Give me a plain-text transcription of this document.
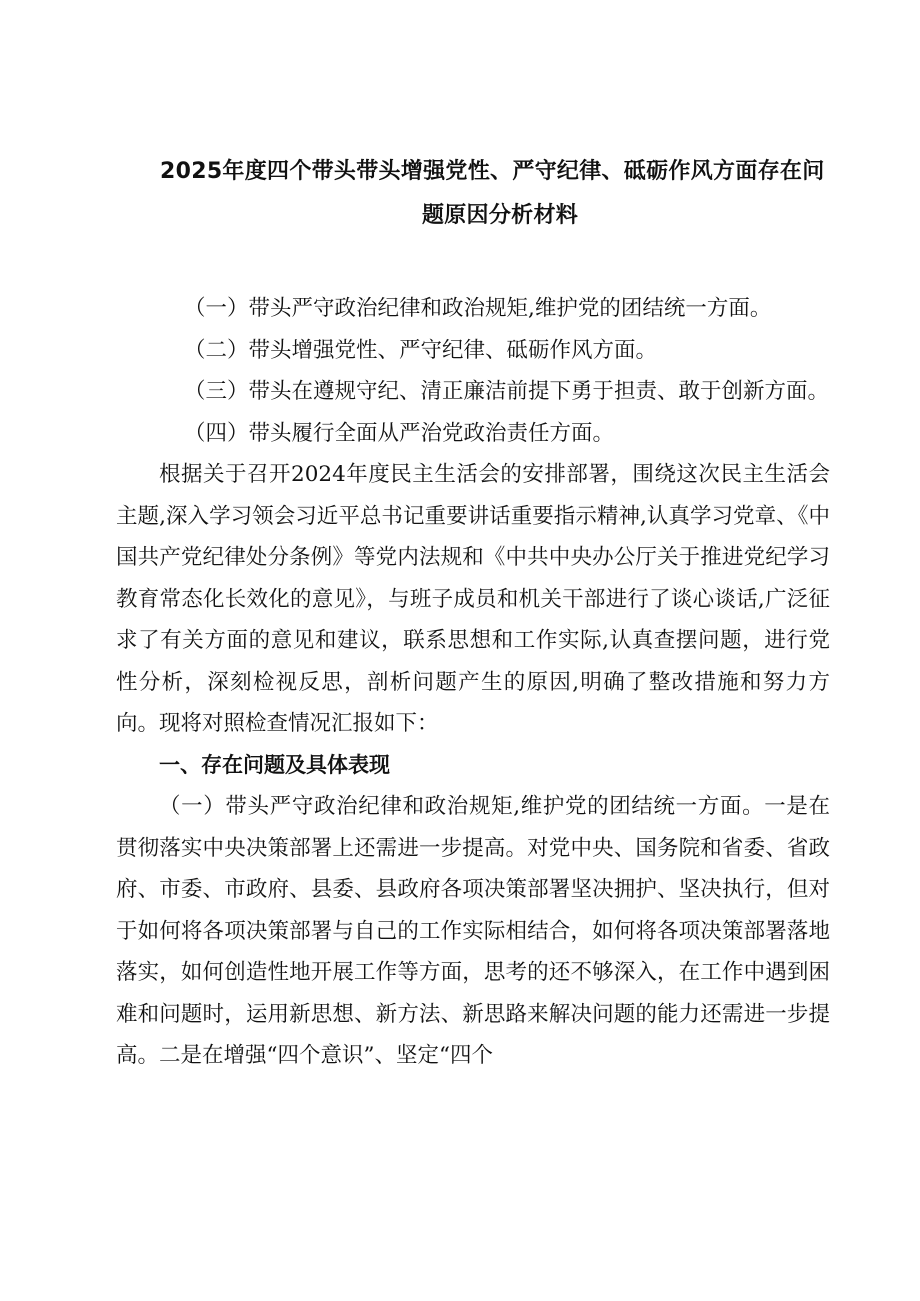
2025年度四个带头带头增强党性、严守纪律、砥砺作风方面存在问
题原因分析材料

（一）带头严守政治纪律和政治规矩,维护党的团结统一方面。

（二）带头增强党性、严守纪律、砥砺作风方面。

（三）带头在遵规守纪、清正廉洁前提下勇于担责、敢于创新方面。

（四）带头履行全面从严治党政治责任方面。

根据关于召开2024年度民主生活会的安排部署，围绕这次民主生活会主题,深入学习领会习近平总书记重要讲话重要指示精神,认真学习党章、《中国共产党纪律处分条例》等党内法规和《中共中央办公厅关于推进党纪学习教育常态化长效化的意见》，与班子成员和机关干部进行了谈心谈话,广泛征求了有关方面的意见和建议，联系思想和工作实际,认真查摆问题，进行党性分析，深刻检视反思，剖析问题产生的原因,明确了整改措施和努力方向。现将对照检查情况汇报如下：

一、存在问题及具体表现

（一）带头严守政治纪律和政治规矩,维护党的团结统一方面。一是在贯彻落实中央决策部署上还需进一步提高。对党中央、国务院和省委、省政府、市委、市政府、县委、县政府各项决策部署坚决拥护、坚决执行，但对于如何将各项决策部署与自己的工作实际相结合，如何将各项决策部署落地落实，如何创造性地开展工作等方面，思考的还不够深入，在工作中遇到困难和问题时，运用新思想、新方法、新思路来解决问题的能力还需进一步提高。二是在增强“四个意识”、坚定“四个
